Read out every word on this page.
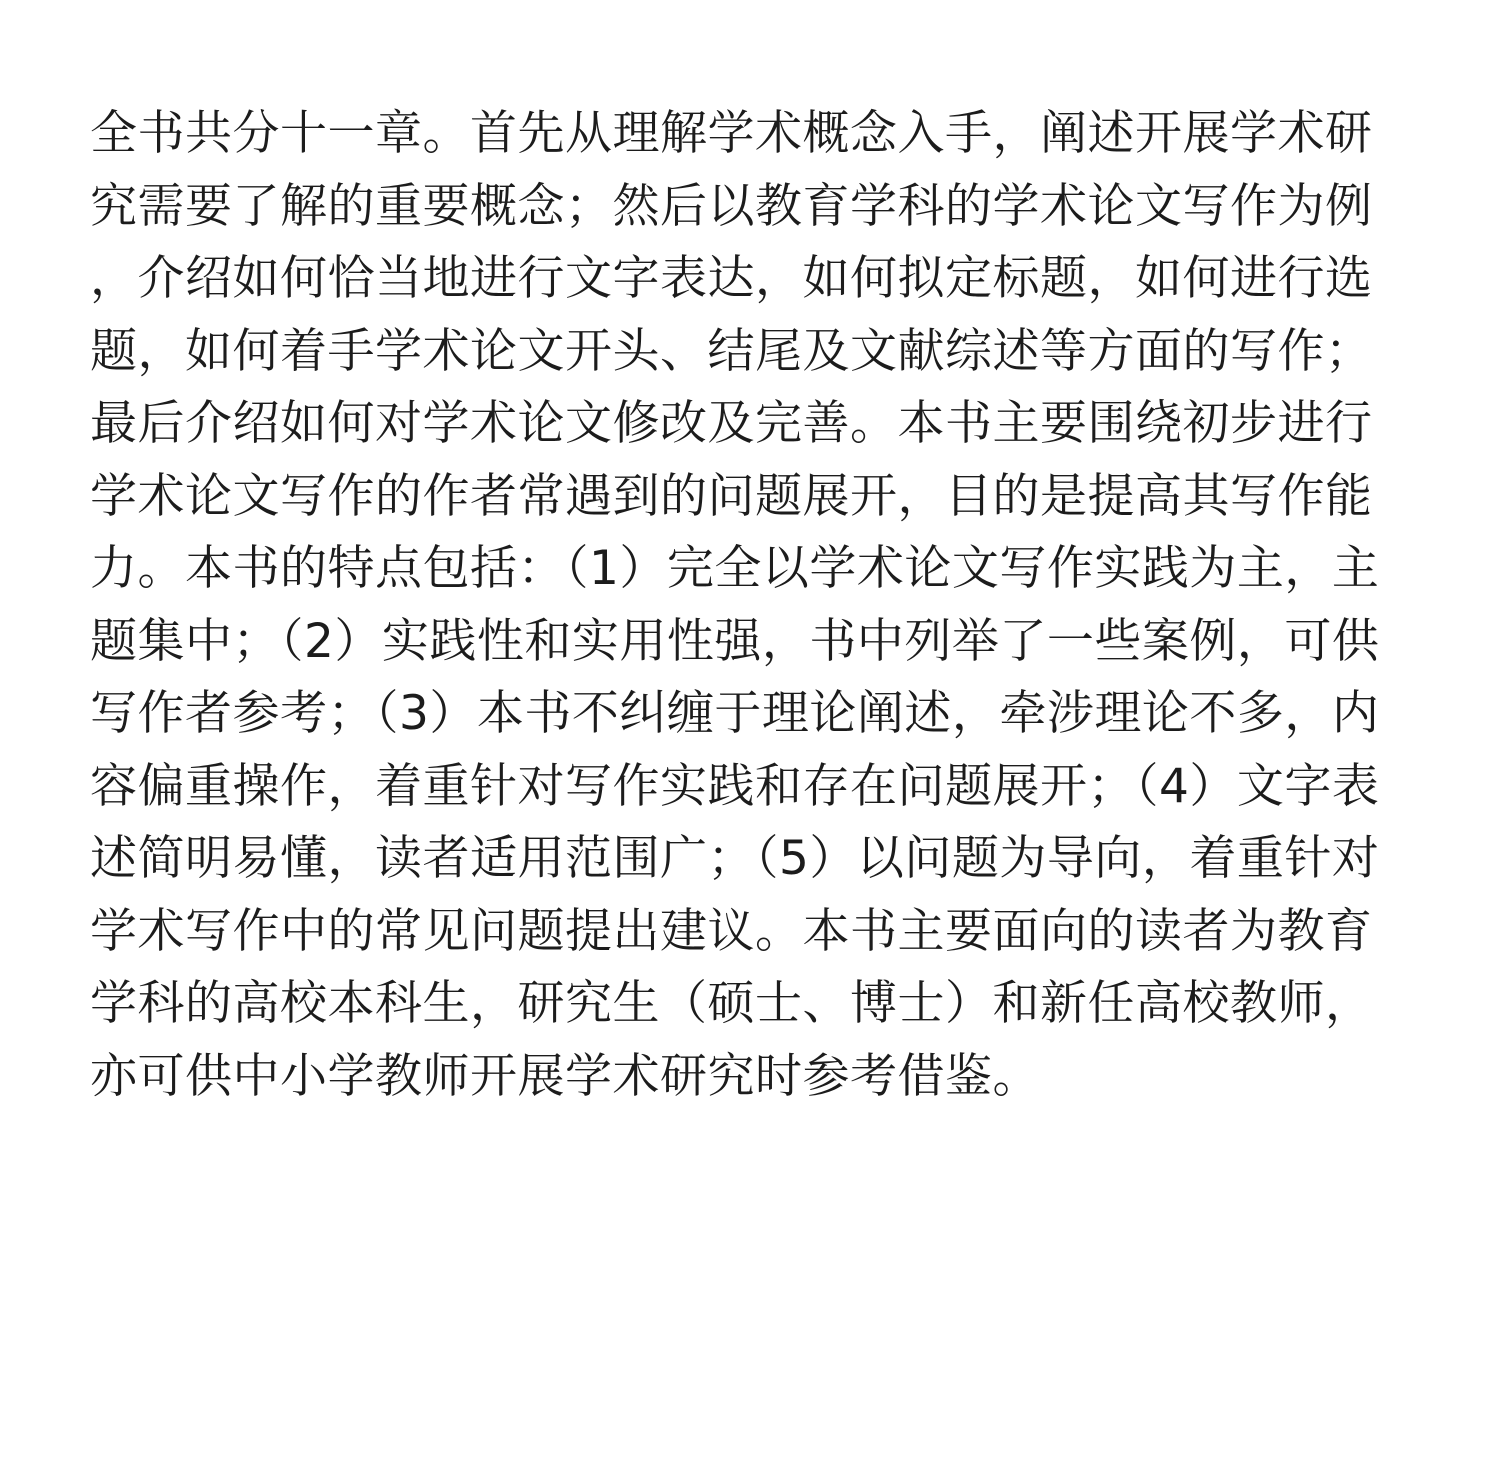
全书共分十一章。首先从理解学术概念入手，阐述开展学术研
究需要了解的重要概念；然后以教育学科的学术论文写作为例
，介绍如何恰当地进行文字表达，如何拟定标题，如何进行选
题，如何着手学术论文开头、结尾及文献综述等方面的写作；
最后介绍如何对学术论文修改及完善。本书主要围绕初步进行
学术论文写作的作者常遇到的问题展开，目的是提高其写作能
力。本书的特点包括：（1）完全以学术论文写作实践为主，主
题集中；（2）实践性和实用性强，书中列举了一些案例，可供
写作者参考；（3）本书不纠缠于理论阐述，牵涉理论不多，内
容偏重操作，着重针对写作实践和存在问题展开；（4）文字表
述简明易懂，读者适用范围广；（5）以问题为导向，着重针对
学术写作中的常见问题提出建议。本书主要面向的读者为教育
学科的高校本科生，研究生（硕士、博士）和新任高校教师，
亦可供中小学教师开展学术研究时参考借鉴。
